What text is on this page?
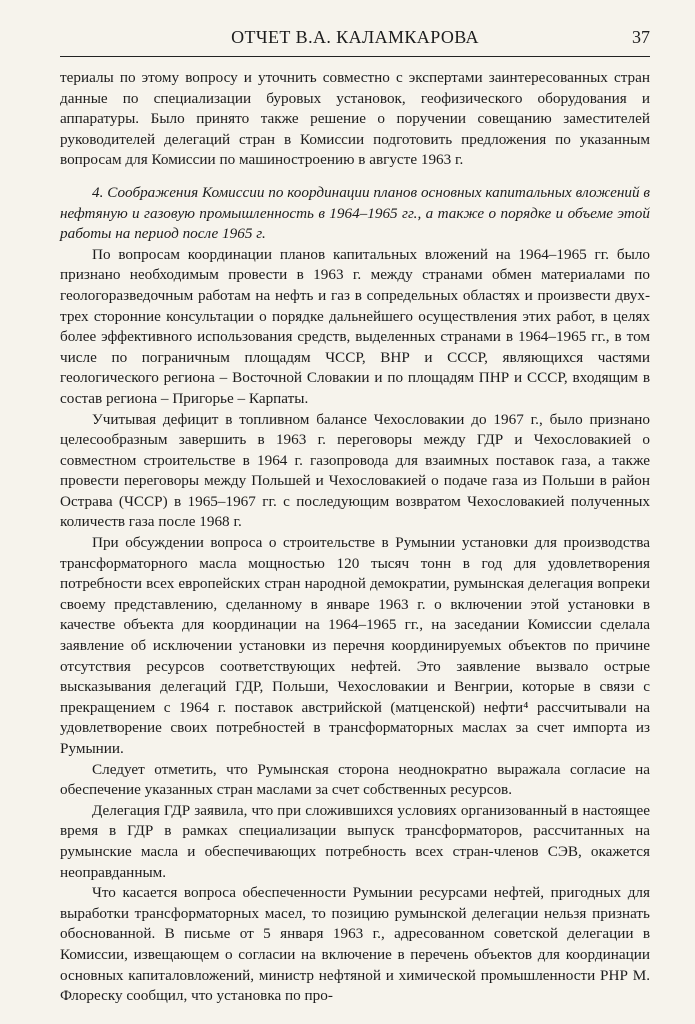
ОТЧЕТ В.А. КАЛАМКАРОВА	37

териалы по этому вопросу и уточнить совместно с экспертами заинтересованных стран данные по специализации буровых установок, геофизического оборудования и аппаратуры. Было принято также решение о поручении совещанию заместителей руководителей делегаций стран в Комиссии подготовить предложения по указанным вопросам для Комиссии по машиностроению в августе 1963 г.

4. Соображения Комиссии по координации планов основных капитальных вложений в нефтяную и газовую промышленность в 1964–1965 гг., а также о порядке и объеме этой работы на период после 1965 г.

По вопросам координации планов капитальных вложений на 1964–1965 гг. было признано необходимым провести в 1963 г. между странами обмен материалами по геологоразведочным работам на нефть и газ в сопредельных областях и произвести двух-трех сторонние консультации о порядке дальнейшего осуществления этих работ, в целях более эффективного использования средств, выделенных странами в 1964–1965 гг., в том числе по пограничным площадям ЧССР, ВНР и СССР, являющихся частями геологического региона – Восточной Словакии и по площадям ПНР и СССР, входящим в состав региона – Пригорье – Карпаты.

Учитывая дефицит в топливном балансе Чехословакии до 1967 г., было признано целесообразным завершить в 1963 г. переговоры между ГДР и Чехословакией о совместном строительстве в 1964 г. газопровода для взаимных поставок газа, а также провести переговоры между Польшей и Чехословакией о подаче газа из Польши в район Острава (ЧССР) в 1965–1967 гг. с последующим возвратом Чехословакией полученных количеств газа после 1968 г.

При обсуждении вопроса о строительстве в Румынии установки для производства трансформаторного масла мощностью 120 тысяч тонн в год для удовлетворения потребности всех европейских стран народной демократии, румынская делегация вопреки своему представлению, сделанному в январе 1963 г. о включении этой установки в качестве объекта для координации на 1964–1965 гг., на заседании Комиссии сделала заявление об исключении установки из перечня координируемых объектов по причине отсутствия ресурсов соответствующих нефтей. Это заявление вызвало острые высказывания делегаций ГДР, Польши, Чехословакии и Венгрии, которые в связи с прекращением с 1964 г. поставок австрийской (матценской) нефти⁴ рассчитывали на удовлетворение своих потребностей в трансформаторных маслах за счет импорта из Румынии.

Следует отметить, что Румынская сторона неоднократно выражала согласие на обеспечение указанных стран маслами за счет собственных ресурсов.

Делегация ГДР заявила, что при сложившихся условиях организованный в настоящее время в ГДР в рамках специализации выпуск трансформаторов, рассчитанных на румынские масла и обеспечивающих потребность всех стран-членов СЭВ, окажется неоправданным.

Что касается вопроса обеспеченности Румынии ресурсами нефтей, пригодных для выработки трансформаторных масел, то позицию румынской делегации нельзя признать обоснованной. В письме от 5 января 1963 г., адресованном советской делегации в Комиссии, извещающем о согласии на включение в перечень объектов для координации основных капиталовложений, министр нефтяной и химической промышленности РНР М. Флореску сообщил, что установка по про-
